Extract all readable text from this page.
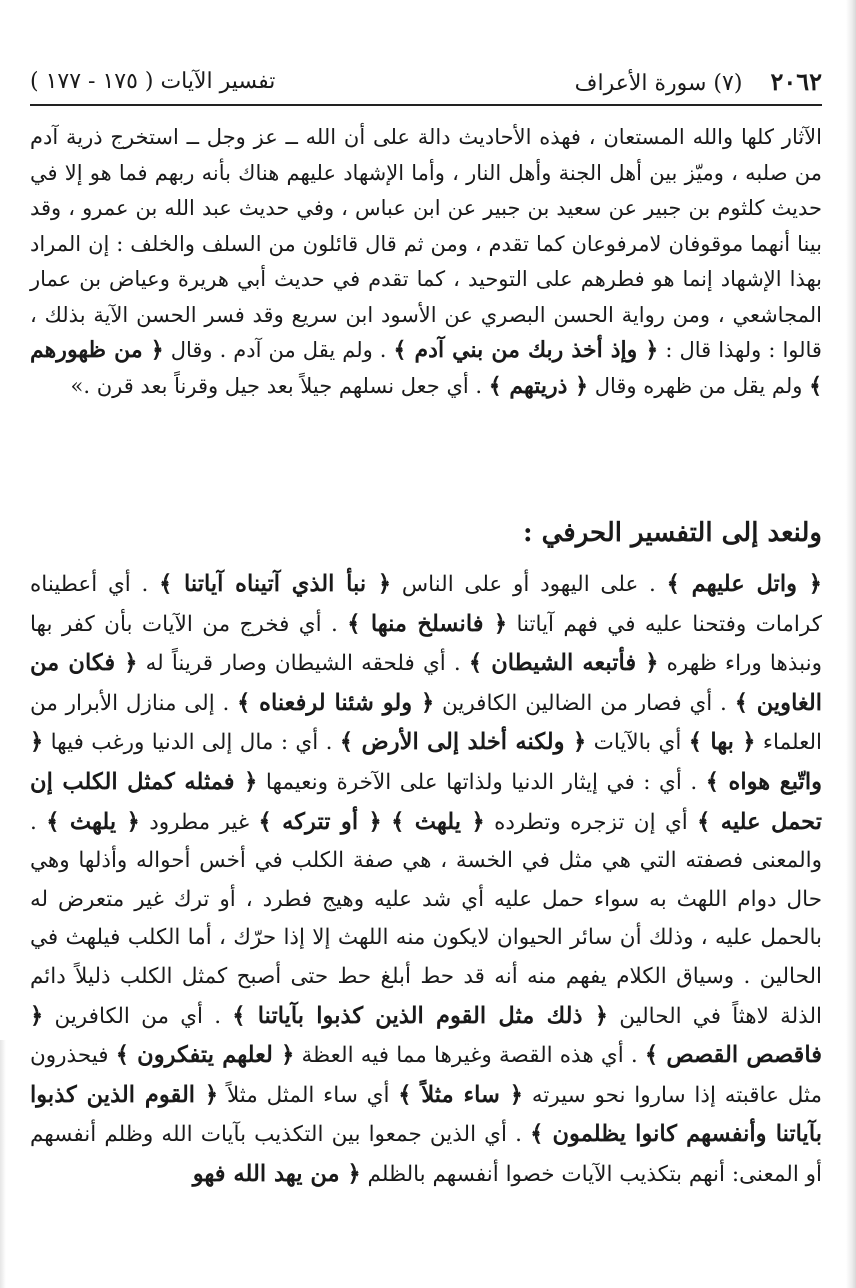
٢٠٦٢    (٧) سورة الأعراف
تفسير الآيات ( ١٧٥ - ١٧٧ )
الآثار كلها والله المستعان ، فهذه الأحاديث دالة على أن الله ــ عز وجل ــ استخرج ذرية آدم من صلبه ، وميّز بين أهل الجنة وأهل النار ، وأما الإشهاد عليهم هناك بأنه ربهم فما هو إلا في حديث كلثوم بن جبير عن سعيد بن جبير عن ابن عباس ، وفي حديث عبد الله بن عمرو ، وقد بينا أنهما موقوفان لامرفوعان كما تقدم ، ومن ثم قال قائلون من السلف والخلف : إن المراد بهذا الإشهاد إنما هو فطرهم على التوحيد ، كما تقدم في حديث أبي هريرة وعياض بن عمار المجاشعي ، ومن رواية الحسن البصري عن الأسود ابن سريع وقد فسر الحسن الآية بذلك ، قالوا : ولهذا قال : ﴿ وإذ أخذ ربك من بني آدم ﴾ . ولم يقل من آدم . وقال ﴿ من ظهورهم ﴾ ولم يقل من ظهره وقال ﴿ ذريتهم ﴾ . أي جعل نسلهم جيلاً بعد جيل وقرناً بعد قرن .»
ولنعد إلى التفسير الحرفي :
﴿ واتل عليهم ﴾ . على اليهود أو على الناس ﴿ نبأ الذي آتيناه آياتنا ﴾ . أي أعطيناه كرامات وفتحنا عليه في فهم آياتنا ﴿ فانسلخ منها ﴾ . أي فخرج من الآيات بأن كفر بها ونبذها وراء ظهره ﴿ فأتبعه الشيطان ﴾ . أي فلحقه الشيطان وصار قريناً له ﴿ فكان من الغاوين ﴾ . أي فصار من الضالين الكافرين ﴿ ولو شئنا لرفعناه ﴾ . إلى منازل الأبرار من العلماء ﴿ بها ﴾ أي بالآيات ﴿ ولكنه أخلد إلى الأرض ﴾ . أي : مال إلى الدنيا ورغب فيها ﴿ واتّبع هواه ﴾ . أي : في إيثار الدنيا ولذاتها على الآخرة ونعيمها ﴿ فمثله كمثل الكلب إن تحمل عليه ﴾ أي إن تزجره وتطرده ﴿ يلهث ﴾ ﴿ أو تتركه ﴾ غير مطرود ﴿ يلهث ﴾ . والمعنى فصفته التي هي مثل في الخسة ، هي صفة الكلب في أخس أحواله وأذلها وهي حال دوام اللهث به سواء حمل عليه أي شد عليه وهيج فطرد ، أو ترك غير متعرض له بالحمل عليه ، وذلك أن سائر الحيوان لايكون منه اللهث إلا إذا حرّك ، أما الكلب فيلهث في الحالين . وسياق الكلام يفهم منه أنه قد حط أبلغ حط حتى أصبح كمثل الكلب ذليلاً دائم الذلة لاهثاً في الحالين ﴿ ذلك مثل القوم الذين كذبوا بآياتنا ﴾ . أي من الكافرين ﴿ فاقصص القصص ﴾ . أي هذه القصة وغيرها مما فيه العظة ﴿ لعلهم يتفكرون ﴾ فيحذرون مثل عاقبته إذا ساروا نحو سيرته ﴿ ساء مثلاً ﴾ أي ساء المثل مثلاً ﴿ القوم الذين كذبوا بآياتنا وأنفسهم كانوا يظلمون ﴾ . أي الذين جمعوا بين التكذيب بآيات الله وظلم أنفسهم أو المعنى: أنهم بتكذيب الآيات خصوا أنفسهم بالظلم ﴿ من يهد الله فهو
